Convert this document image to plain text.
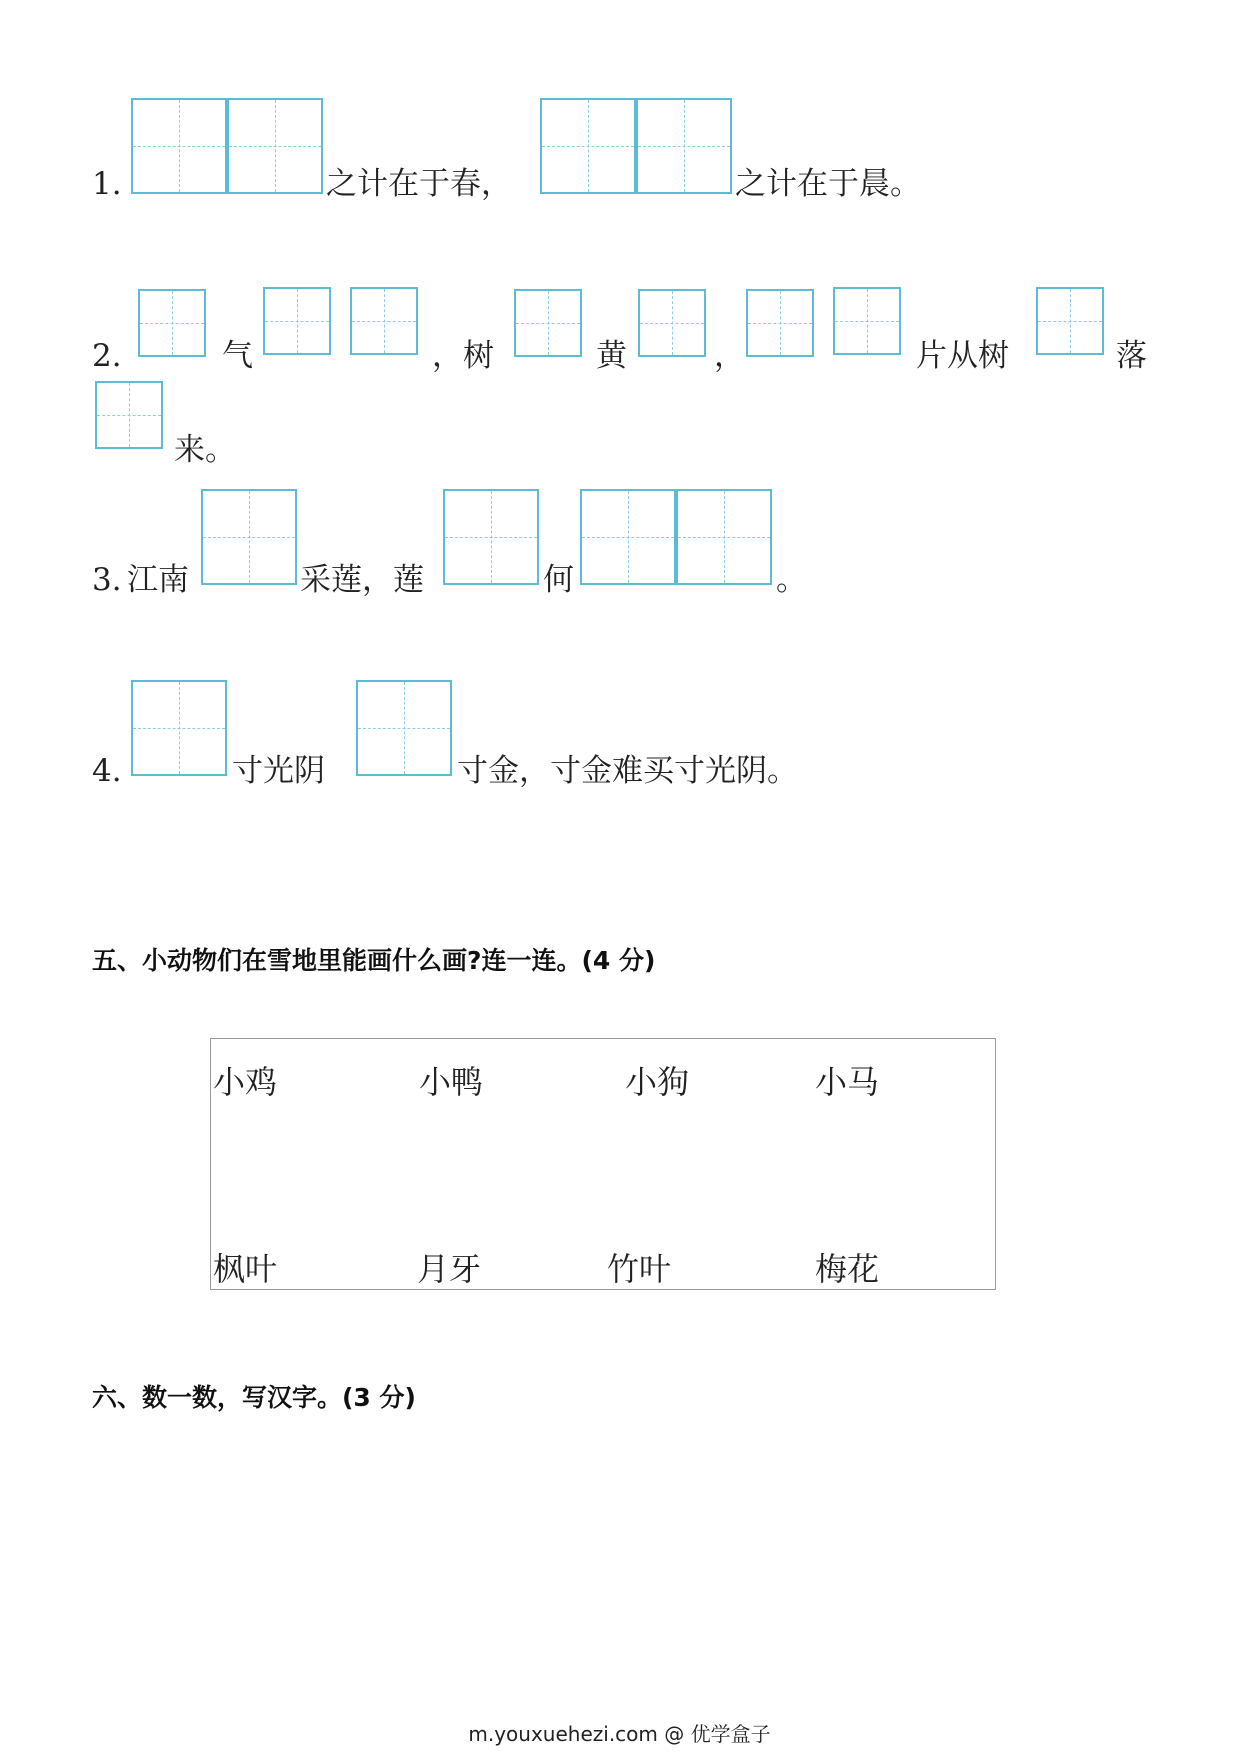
1.	之计在于春，	之计在于晨。
2.	气	，树	黄	，	片从树	落
来。
3. 江南	采莲，莲	何	。
4.	寸光阴	寸金，寸金难买寸光阴。
五、小动物们在雪地里能画什么画?连一连。(4 分)
小鸡	小鸭	小狗	小马
枫叶	月牙	竹叶	梅花
六、数一数，写汉字。(3 分)
m.youxuehezi.com @ 优学盒子
